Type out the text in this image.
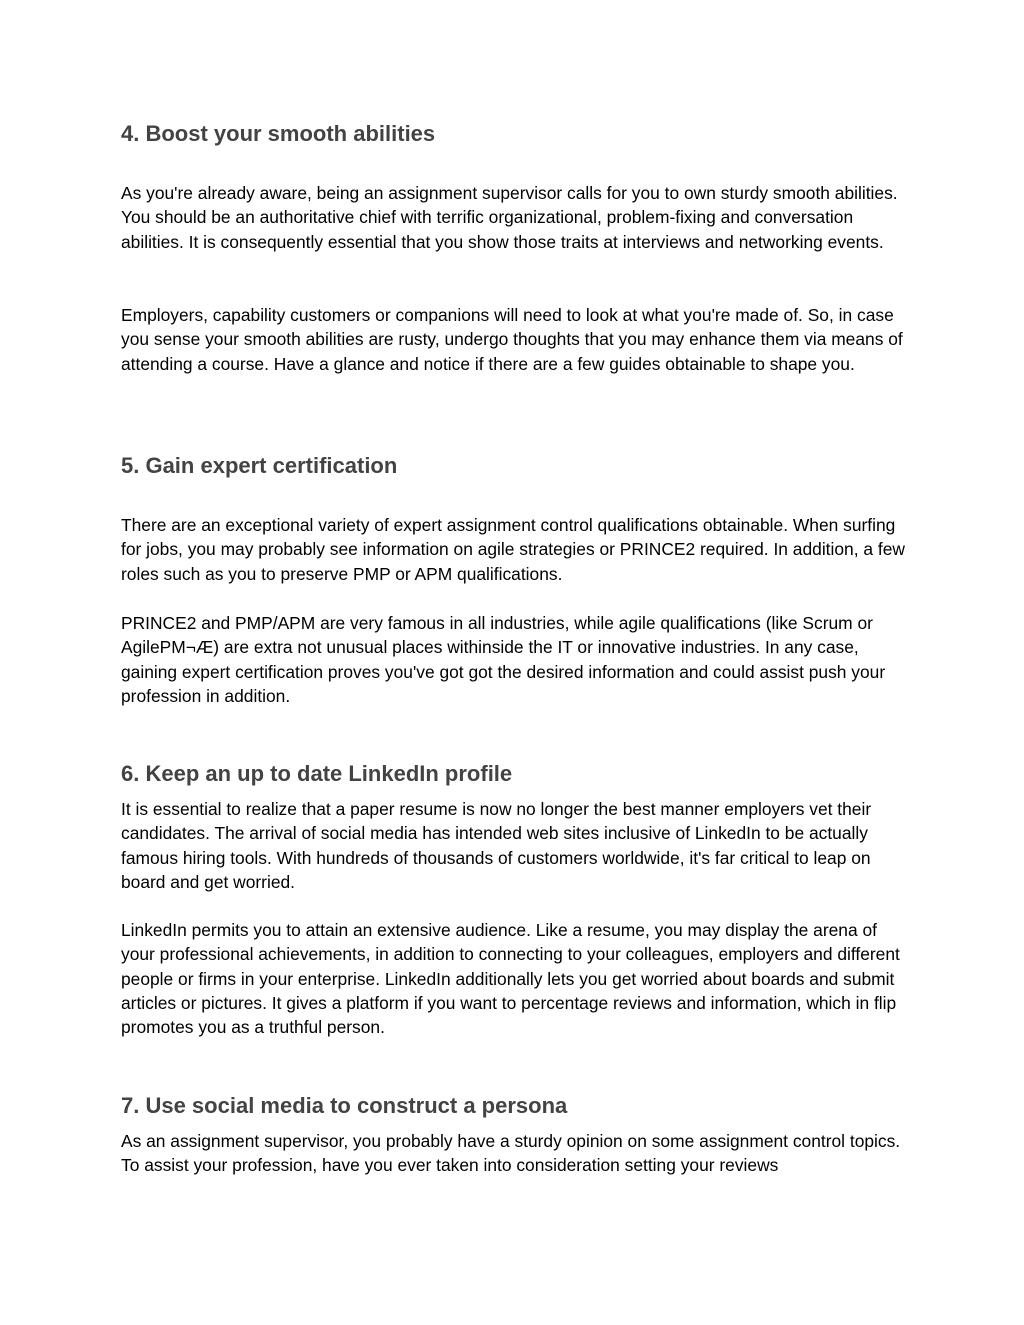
4. Boost your smooth abilities

As you're already aware, being an assignment supervisor calls for you to own sturdy smooth abilities. You should be an authoritative chief with terrific organizational, problem-fixing and conversation abilities. It is consequently essential that you show those traits at interviews and networking events.

Employers, capability customers or companions will need to look at what you're made of. So, in case you sense your smooth abilities are rusty, undergo thoughts that you may enhance them via means of attending a course. Have a glance and notice if there are a few guides obtainable to shape you.

5. Gain expert certification

There are an exceptional variety of expert assignment control qualifications obtainable. When surfing for jobs, you may probably see information on agile strategies or PRINCE2 required. In addition, a few roles such as you to preserve PMP or APM qualifications.

PRINCE2 and PMP/APM are very famous in all industries, while agile qualifications (like Scrum or AgilePM¬Æ) are extra not unusual places withinside the IT or innovative industries. In any case, gaining expert certification proves you've got got the desired information and could assist push your profession in addition.

6. Keep an up to date LinkedIn profile

It is essential to realize that a paper resume is now no longer the best manner employers vet their candidates. The arrival of social media has intended web sites inclusive of LinkedIn to be actually famous hiring tools. With hundreds of thousands of customers worldwide, it's far critical to leap on board and get worried.

LinkedIn permits you to attain an extensive audience. Like a resume, you may display the arena of your professional achievements, in addition to connecting to your colleagues, employers and different people or firms in your enterprise. LinkedIn additionally lets you get worried about boards and submit articles or pictures. It gives a platform if you want to percentage reviews and information, which in flip promotes you as a truthful person.

7. Use social media to construct a persona

As an assignment supervisor, you probably have a sturdy opinion on some assignment control topics. To assist your profession, have you ever taken into consideration setting your reviews
